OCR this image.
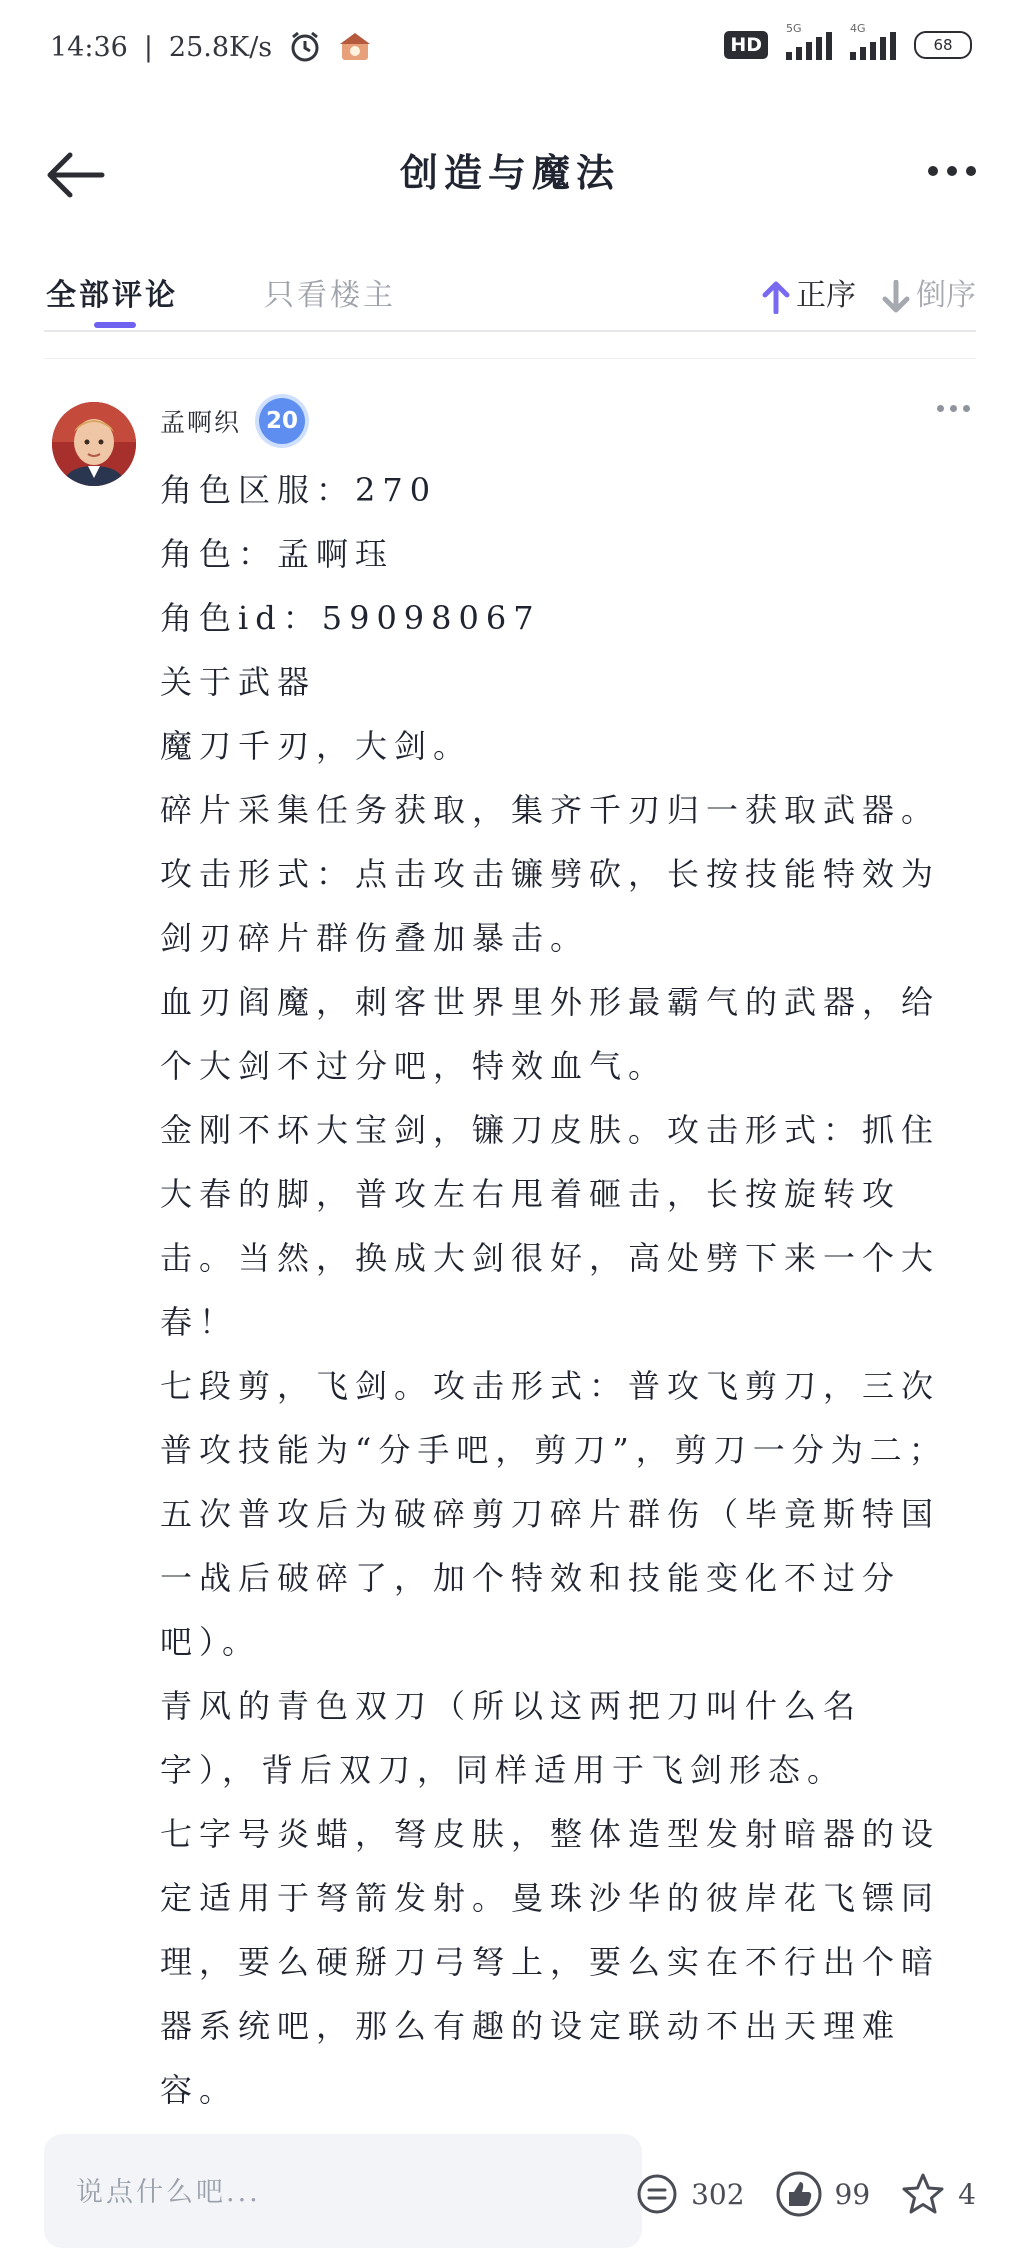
14:36 | 25.8K/s	HD
5G	4G
68
创造与魔法
全部评论	只看楼主	正序 倒序
孟啊织	20

角色区服：270

角色：孟啊珏

角色id：59098067

关于武器

魔刀千刃，大剑。

碎片采集任务获取，集齐千刃归一获取武器。攻击形式：点击攻击镰劈砍，长按技能特效为剑刃碎片群伤叠加暴击。

血刃阎魔，刺客世界里外形最霸气的武器，给个大剑不过分吧，特效血气。

金刚不坏大宝剑，镰刀皮肤。攻击形式：抓住大春的脚，普攻左右甩着砸击，长按旋转攻击。当然，换成大剑很好，高处劈下来一个大春！

七段剪，飞剑。攻击形式：普攻飞剪刀，三次普攻技能为“分手吧，剪刀”，剪刀一分为二；五次普攻后为破碎剪刀碎片群伤（毕竟斯特国一战后破碎了，加个特效和技能变化不过分吧）。

青风的青色双刀（所以这两把刀叫什么名字），背后双刀，同样适用于飞剑形态。

七字号炎蜡，弩皮肤，整体造型发射暗器的设定适用于弩箭发射。曼珠沙华的彼岸花飞镖同理，要么硬掰刀弓弩上，要么实在不行出个暗器系统吧，那么有趣的设定联动不出天理难容。

说点什么吧...	302	99	4
